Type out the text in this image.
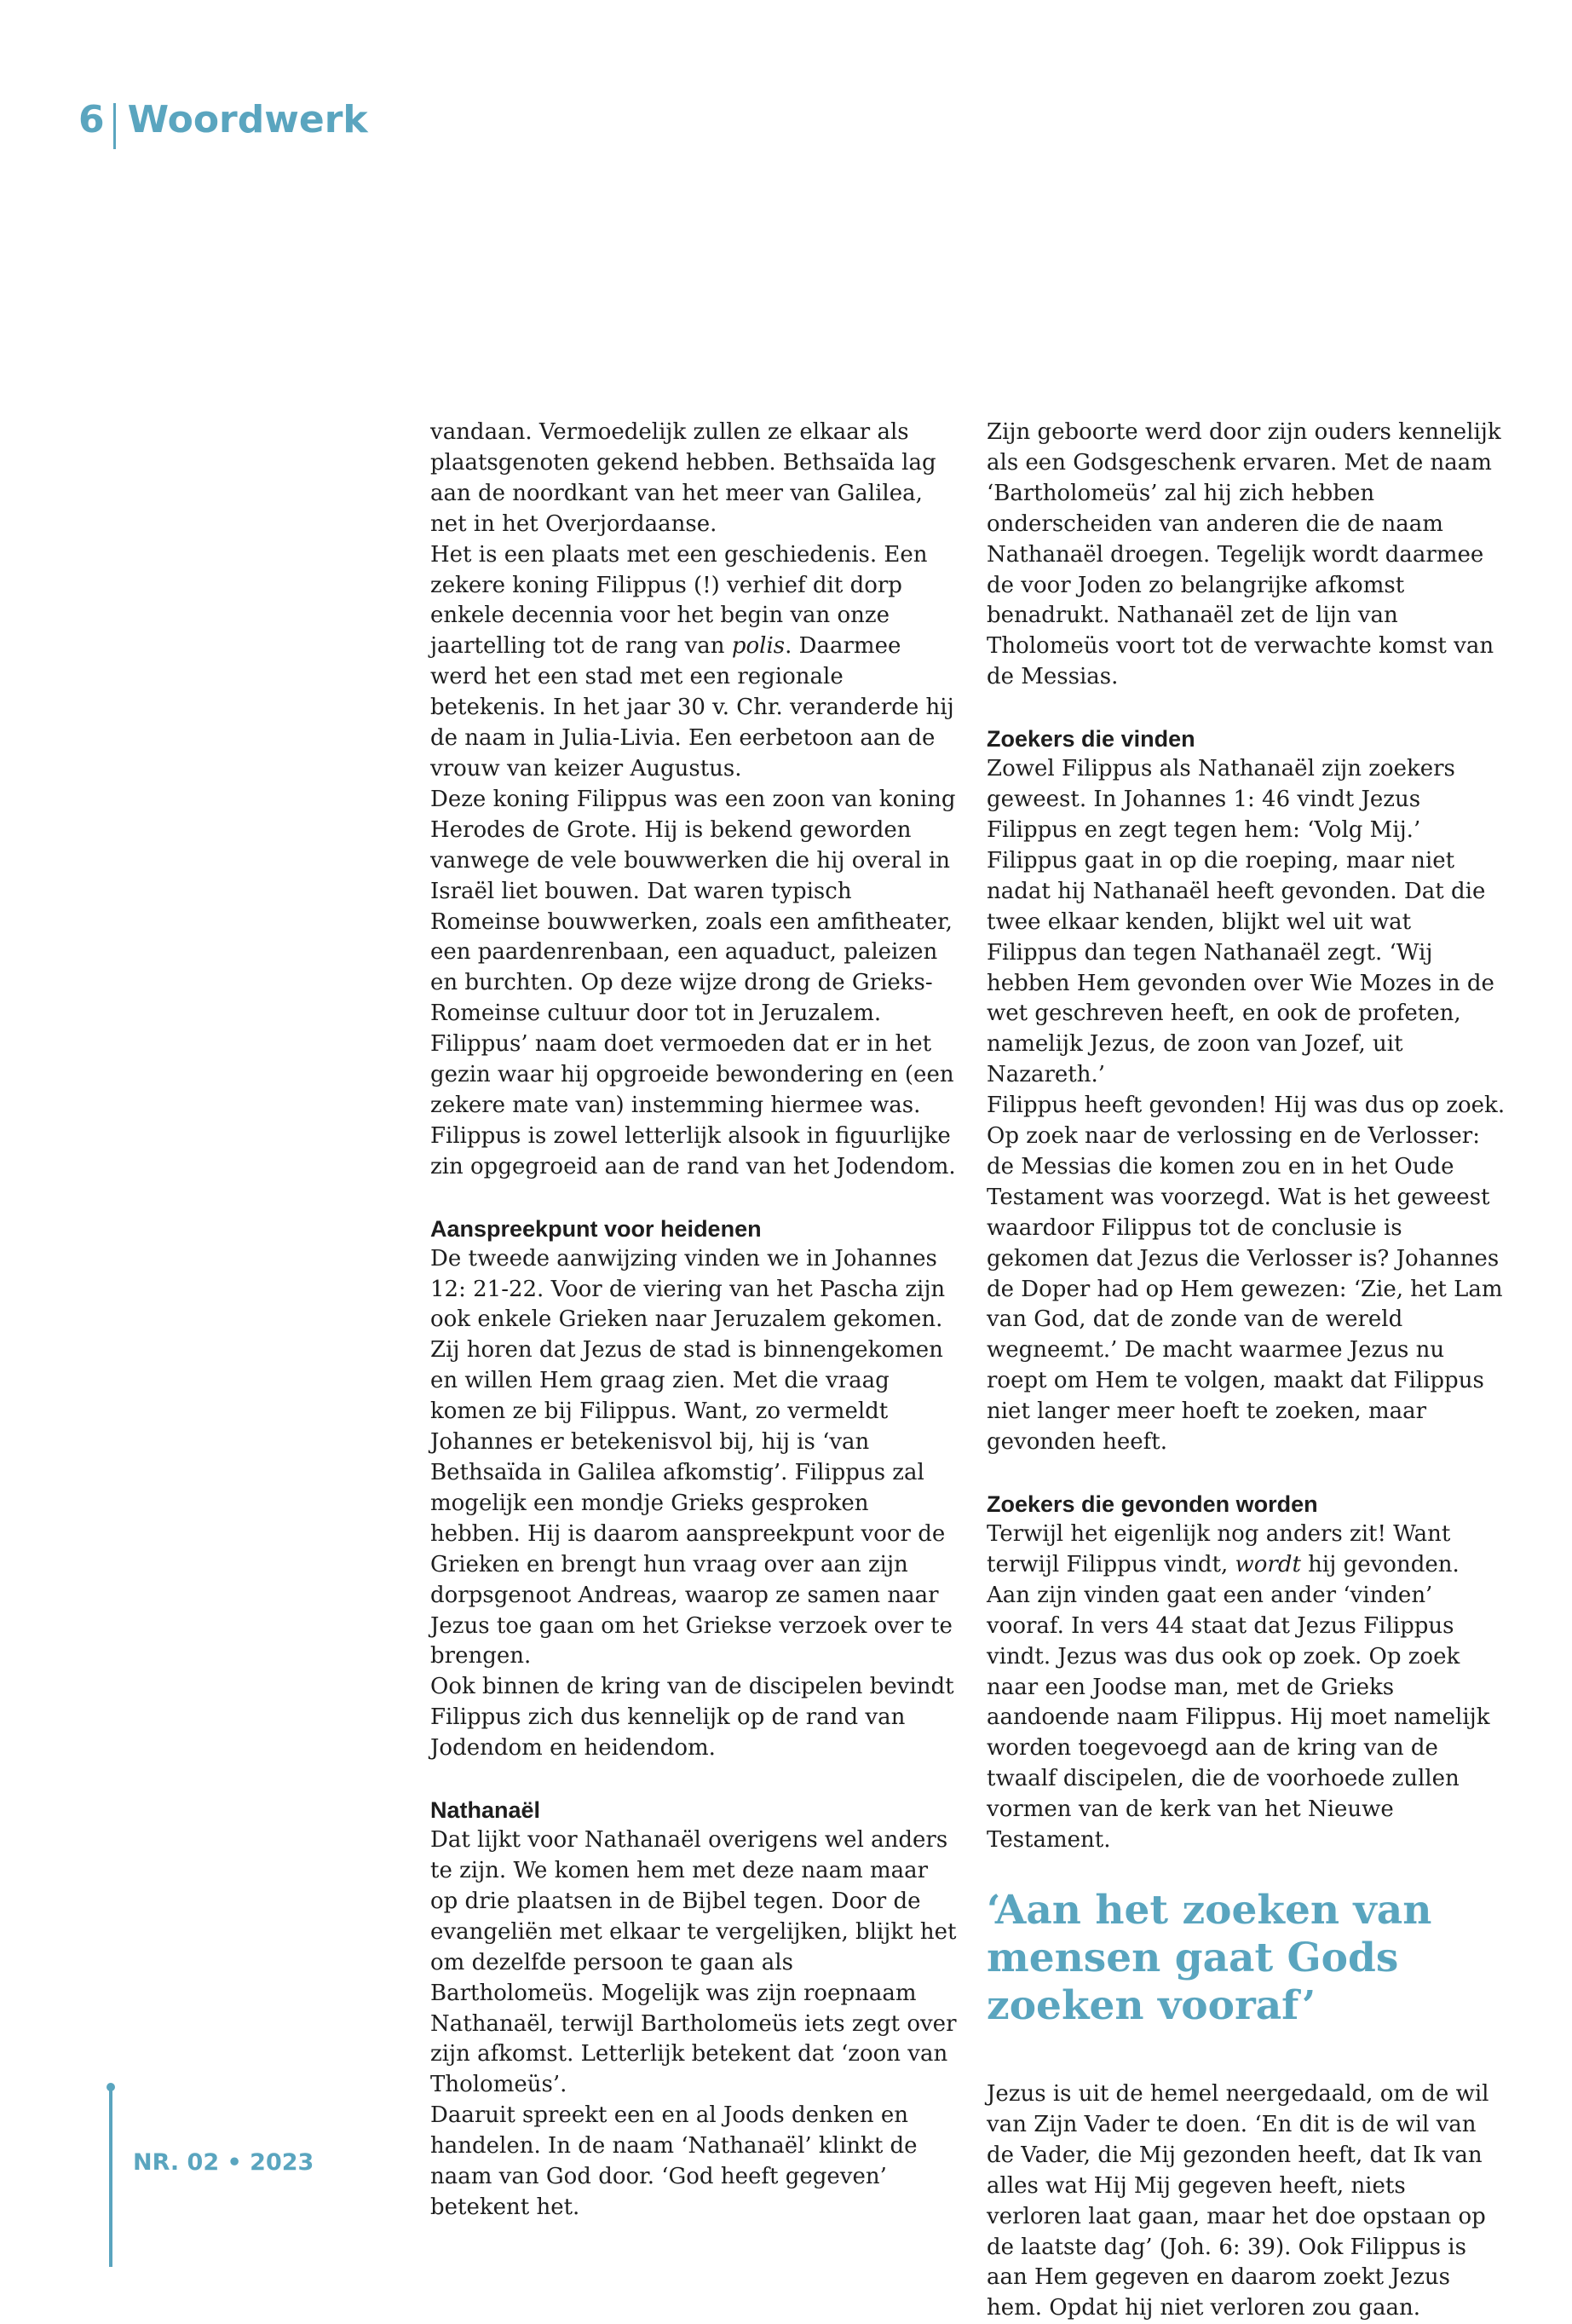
6 Woordwerk

vandaan. Vermoedelijk zullen ze elkaar als plaatsgenoten gekend hebben. Bethsaïda lag aan de noordkant van het meer van Galilea, net in het Overjordaanse.

Het is een plaats met een geschiedenis. Een zekere koning Filippus (!) verhief dit dorp enkele decennia voor het begin van onze jaartelling tot de rang van polis. Daarmee werd het een stad met een regionale betekenis. In het jaar 30 v. Chr. veranderde hij de naam in Julia-Livia. Een eerbetoon aan de vrouw van keizer Augustus.

Deze koning Filippus was een zoon van koning Herodes de Grote. Hij is bekend geworden vanwege de vele bouwwerken die hij overal in Israël liet bouwen. Dat waren typisch Romeinse bouwwerken, zoals een amfitheater, een paardenrenbaan, een aquaduct, paleizen en burchten. Op deze wijze drong de Grieks-Romeinse cultuur door tot in Jeruzalem.

Filippus’ naam doet vermoeden dat er in het gezin waar hij opgroeide bewondering en (een zekere mate van) instemming hiermee was. Filippus is zowel letterlijk alsook in figuurlijke zin opgegroeid aan de rand van het Jodendom.

Aanspreekpunt voor heidenen

De tweede aanwijzing vinden we in Johannes 12: 21-22. Voor de viering van het Pascha zijn ook enkele Grieken naar Jeruzalem gekomen. Zij horen dat Jezus de stad is binnengekomen en willen Hem graag zien. Met die vraag komen ze bij Filippus. Want, zo vermeldt Johannes er betekenisvol bij, hij is ‘van Bethsaïda in Galilea afkomstig’. Filippus zal mogelijk een mondje Grieks gesproken hebben. Hij is daarom aanspreekpunt voor de Grieken en brengt hun vraag over aan zijn dorpsgenoot Andreas, waarop ze samen naar Jezus toe gaan om het Griekse verzoek over te brengen.

Ook binnen de kring van de discipelen bevindt Filippus zich dus kennelijk op de rand van Jodendom en heidendom.

Nathanaël

Dat lijkt voor Nathanaël overigens wel anders te zijn. We komen hem met deze naam maar op drie plaatsen in de Bijbel tegen. Door de evangeliën met elkaar te vergelijken, blijkt het om dezelfde persoon te gaan als Bartholomeüs. Mogelijk was zijn roepnaam Nathanaël, terwijl Bartholomeüs iets zegt over zijn afkomst. Letterlijk betekent dat ‘zoon van Tholomeüs’.

Daaruit spreekt een en al Joods denken en handelen. In de naam ‘Nathanaël’ klinkt de naam van God door. ‘God heeft gegeven’ betekent het.

Zijn geboorte werd door zijn ouders kennelijk als een Godsgeschenk ervaren. Met de naam ‘Bartholomeüs’ zal hij zich hebben onderscheiden van anderen die de naam Nathanaël droegen. Tegelijk wordt daarmee de voor Joden zo belangrijke afkomst benadrukt. Nathanaël zet de lijn van Tholomeüs voort tot de verwachte komst van de Messias.

Zoekers die vinden

Zowel Filippus als Nathanaël zijn zoekers geweest. In Johannes 1: 46 vindt Jezus Filippus en zegt tegen hem: ‘Volg Mij.’ Filippus gaat in op die roeping, maar niet nadat hij Nathanaël heeft gevonden. Dat die twee elkaar kenden, blijkt wel uit wat Filippus dan tegen Nathanaël zegt. ‘Wij hebben Hem gevonden over Wie Mozes in de wet geschreven heeft, en ook de profeten, namelijk Jezus, de zoon van Jozef, uit Nazareth.’

Filippus heeft gevonden! Hij was dus op zoek. Op zoek naar de verlossing en de Verlosser: de Messias die komen zou en in het Oude Testament was voorzegd. Wat is het geweest waardoor Filippus tot de conclusie is gekomen dat Jezus die Verlosser is? Johannes de Doper had op Hem gewezen: ‘Zie, het Lam van God, dat de zonde van de wereld wegneemt.’ De macht waarmee Jezus nu roept om Hem te volgen, maakt dat Filippus niet langer meer hoeft te zoeken, maar gevonden heeft.

Zoekers die gevonden worden

Terwijl het eigenlijk nog anders zit! Want terwijl Filippus vindt, wordt hij gevonden. Aan zijn vinden gaat een ander ‘vinden’ vooraf. In vers 44 staat dat Jezus Filippus vindt. Jezus was dus ook op zoek. Op zoek naar een Joodse man, met de Grieks aandoende naam Filippus. Hij moet namelijk worden toegevoegd aan de kring van de twaalf discipelen, die de voorhoede zullen vormen van de kerk van het Nieuwe Testament.

‘Aan het zoeken van mensen gaat Gods zoeken vooraf’

Jezus is uit de hemel neergedaald, om de wil van Zijn Vader te doen. ‘En dit is de wil van de Vader, die Mij gezonden heeft, dat Ik van alles wat Hij Mij gegeven heeft, niets verloren laat gaan, maar het doe opstaan op de laatste dag’ (Joh. 6: 39). Ook Filippus is aan Hem gegeven en daarom zoekt Jezus hem. Opdat hij niet verloren zou gaan.

NR. 02 • 2023
